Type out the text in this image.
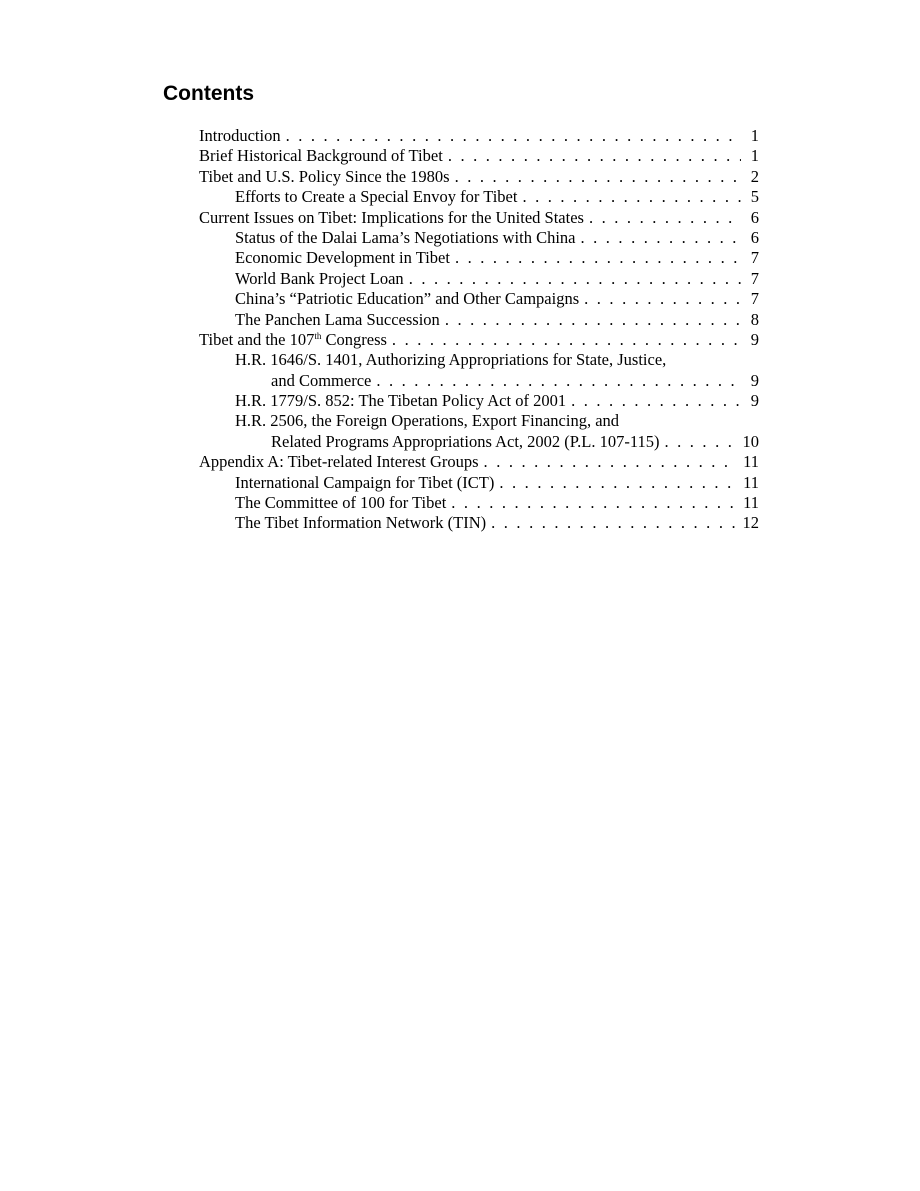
Contents
Introduction . . .	1
Brief Historical Background of Tibet . . .	1
Tibet and U.S. Policy Since the 1980s . . .	2
Efforts to Create a Special Envoy for Tibet . . .	5
Current Issues on Tibet: Implications for the United States . . .	6
Status of the Dalai Lama’s Negotiations with China . . .	6
Economic Development in Tibet . . .	7
World Bank Project Loan . . .	7
China’s “Patriotic Education” and Other Campaigns . . .	7
The Panchen Lama Succession . . .	8
Tibet and the 107th Congress . . .	9
H.R. 1646/S. 1401, Authorizing Appropriations for State, Justice,
and Commerce . . .	9
H.R. 1779/S. 852: The Tibetan Policy Act of 2001 . . .	9
H.R. 2506, the Foreign Operations, Export Financing, and
Related Programs Appropriations Act, 2002 (P.L. 107-115) . . .	10
Appendix A: Tibet-related Interest Groups . . .	11
International Campaign for Tibet (ICT) . . .	11
The Committee of 100 for Tibet . . .	11
The Tibet Information Network (TIN) . . .	12
